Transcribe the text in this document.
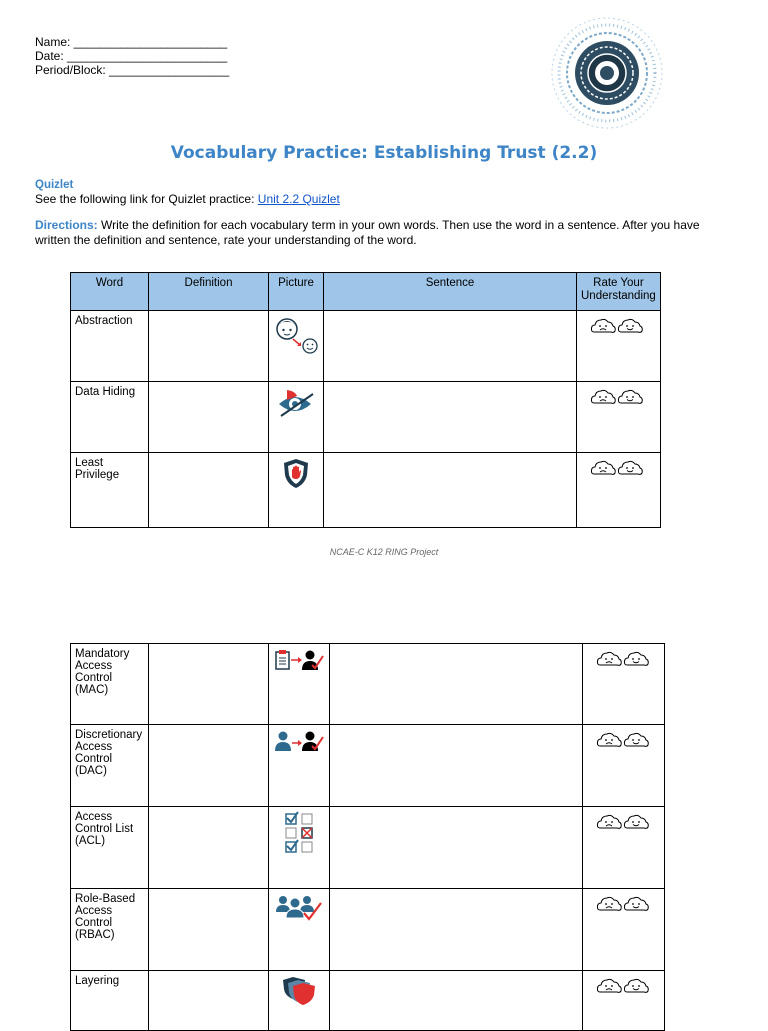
Name: _______________________
Date: ________________________
Period/Block: __________________
Vocabulary Practice: Establishing Trust (2.2)
Quizlet
See the following link for Quizlet practice: Unit 2.2 Quizlet
Directions: Write the definition for each vocabulary term in your own words. Then use the word in a sentence. After you have written the definition and sentence, rate your understanding of the word.
Word	Definition	Picture	Sentence	Rate Your Understanding
Abstraction				
Data Hiding				
Least Privilege				
NCAE-C K12 RING Project
Mandatory Access Control (MAC)				
Discretionary Access Control (DAC)				
Access Control List (ACL)				
Role-Based Access Control (RBAC)				
Layering				
